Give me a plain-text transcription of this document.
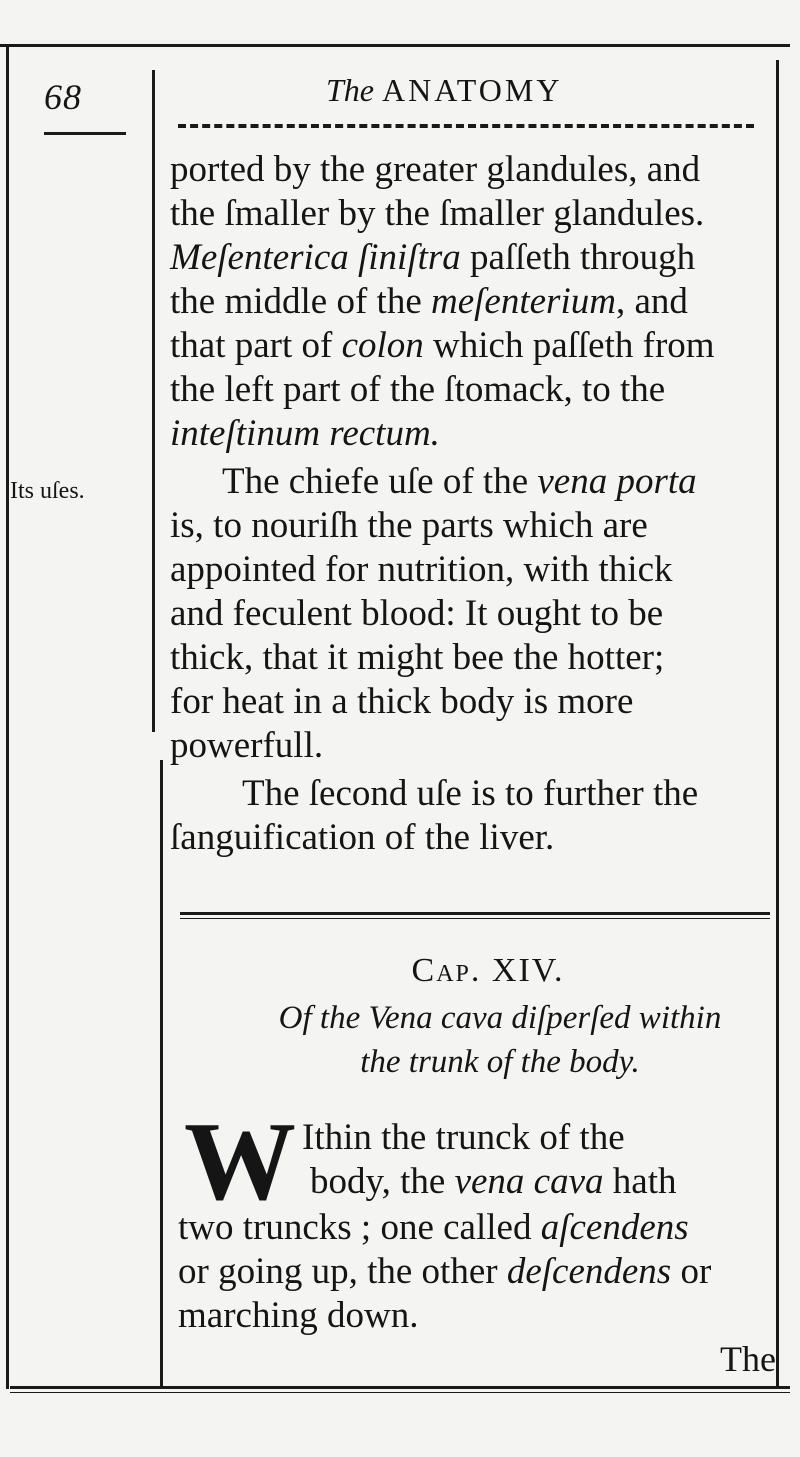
68	The ANATOMY
Its uſes.
ported by the greater glandules, and
the ſmaller by the ſmaller glandules.
Meſenterica ſiniſtra paſſeth through
the middle of the meſenterium, and
that part of colon which paſſeth from
the left part of the ſtomack, to the
inteſtinum rectum.
The chiefe uſe of the vena porta
is, to nouriſh the parts which are
appointed for nutrition, with thick
and feculent blood: It ought to be
thick, that it might bee the hotter;
for heat in a thick body is more
powerfull.
The ſecond uſe is to further the
ſanguification of the liver.
Cap. XIV.
Of the Vena cava diſperſed within
the trunk of the body.
W Ithin the trunck of the
body, the vena cava hath
two truncks ; one called aſcendens
or going up, the other deſcendens or
marching down.
The
